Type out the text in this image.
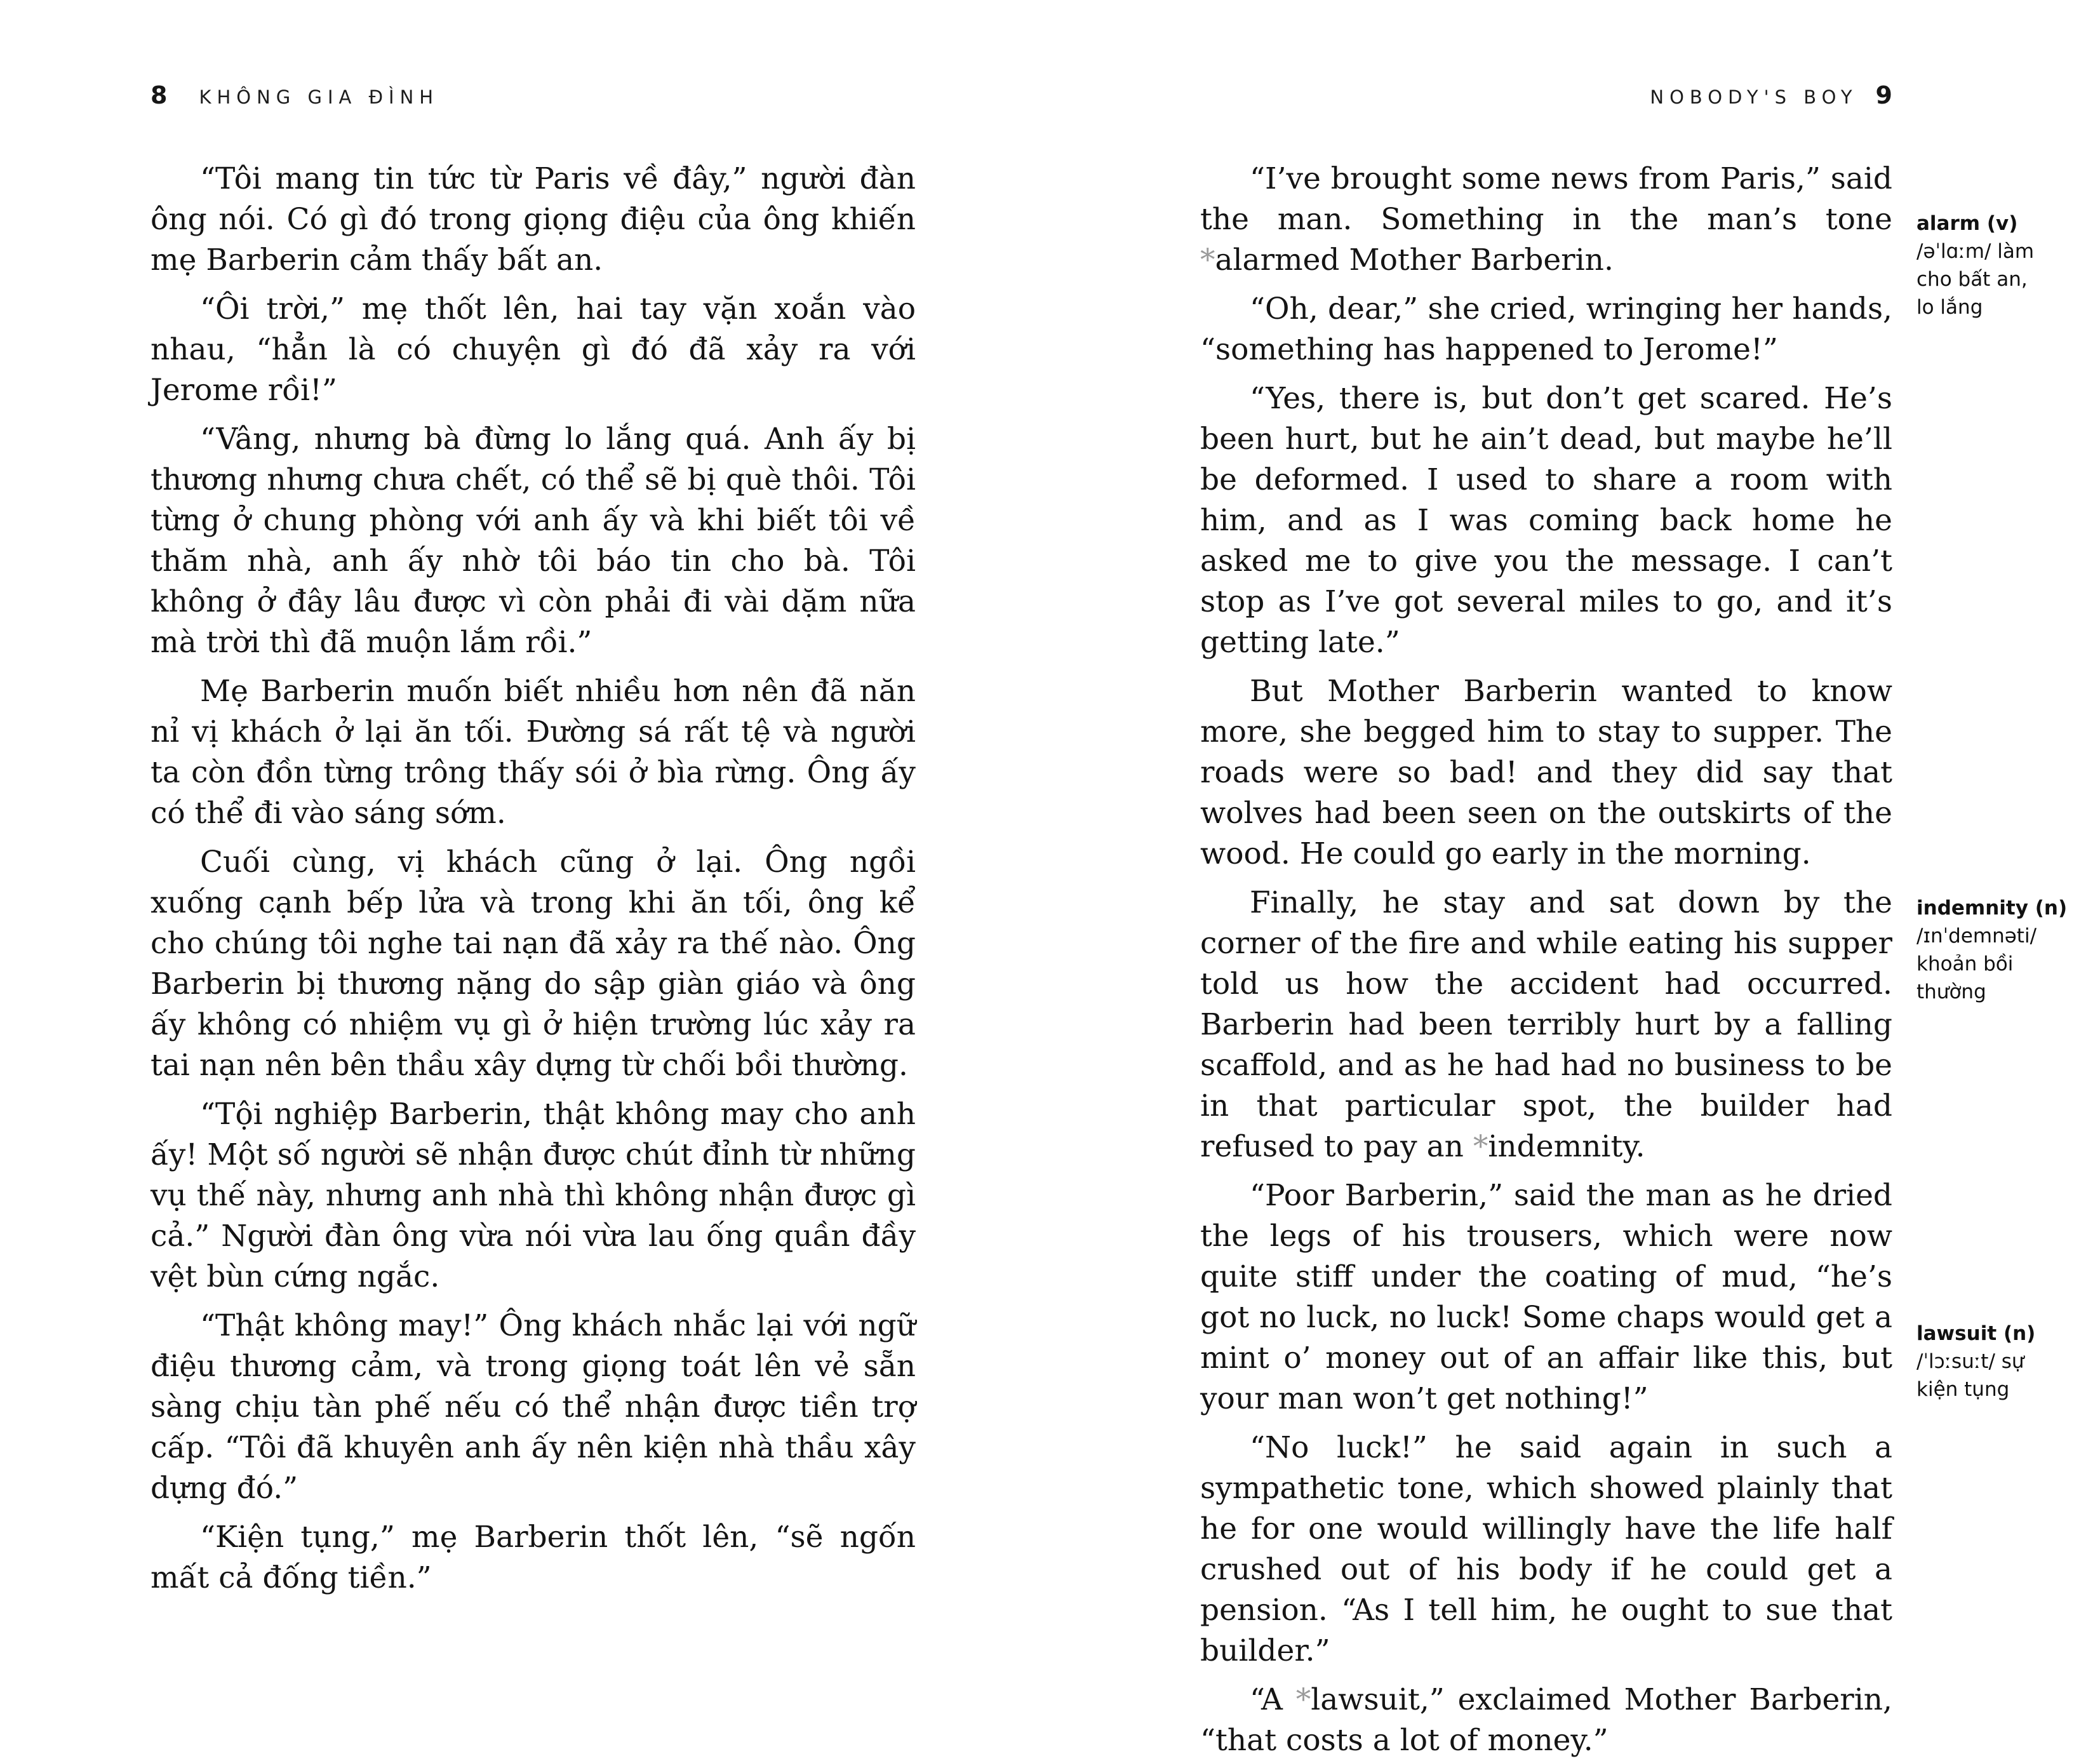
8 KHÔNG GIA ĐÌNH	NOBODY'S BOY 9

“Tôi mang tin tức từ Paris về đây,” người đàn ông nói. Có gì đó trong giọng điệu của ông khiến mẹ Barberin cảm thấy bất an.

“Ôi trời,” mẹ thốt lên, hai tay vặn xoắn vào nhau, “hẳn là có chuyện gì đó đã xảy ra với Jerome rồi!”

“Vâng, nhưng bà đừng lo lắng quá. Anh ấy bị thương nhưng chưa chết, có thể sẽ bị què thôi. Tôi từng ở chung phòng với anh ấy và khi biết tôi về thăm nhà, anh ấy nhờ tôi báo tin cho bà. Tôi không ở đây lâu được vì còn phải đi vài dặm nữa mà trời thì đã muộn lắm rồi.”

Mẹ Barberin muốn biết nhiều hơn nên đã năn nỉ vị khách ở lại ăn tối. Đường sá rất tệ và người ta còn đồn từng trông thấy sói ở bìa rừng. Ông ấy có thể đi vào sáng sớm.

Cuối cùng, vị khách cũng ở lại. Ông ngồi xuống cạnh bếp lửa và trong khi ăn tối, ông kể cho chúng tôi nghe tai nạn đã xảy ra thế nào. Ông Barberin bị thương nặng do sập giàn giáo và ông ấy không có nhiệm vụ gì ở hiện trường lúc xảy ra tai nạn nên bên thầu xây dựng từ chối bồi thường.

“Tội nghiệp Barberin, thật không may cho anh ấy! Một số người sẽ nhận được chút đỉnh từ những vụ thế này, nhưng anh nhà thì không nhận được gì cả.” Người đàn ông vừa nói vừa lau ống quần đầy vệt bùn cứng ngắc.

“Thật không may!” Ông khách nhắc lại với ngữ điệu thương cảm, và trong giọng toát lên vẻ sẵn sàng chịu tàn phế nếu có thể nhận được tiền trợ cấp. “Tôi đã khuyên anh ấy nên kiện nhà thầu xây dựng đó.”

“Kiện tụng,” mẹ Barberin thốt lên, “sẽ ngốn mất cả đống tiền.”

“I’ve brought some news from Paris,” said the man. Something in the man’s tone *alarmed Mother Barberin.

“Oh, dear,” she cried, wringing her hands, “something has happened to Jerome!”

“Yes, there is, but don’t get scared. He’s been hurt, but he ain’t dead, but maybe he’ll be deformed. I used to share a room with him, and as I was coming back home he asked me to give you the message. I can’t stop as I’ve got several miles to go, and it’s getting late.”

But Mother Barberin wanted to know more, she begged him to stay to supper. The roads were so bad! and they did say that wolves had been seen on the outskirts of the wood. He could go early in the morning.

Finally, he stay and sat down by the corner of the fire and while eating his supper told us how the accident had occurred. Barberin had been terribly hurt by a falling scaffold, and as he had had no business to be in that particular spot, the builder had refused to pay an *indemnity.

“Poor Barberin,” said the man as he dried the legs of his trousers, which were now quite stiff under the coating of mud, “he’s got no luck, no luck! Some chaps would get a mint o’ money out of an affair like this, but your man won’t get nothing!”

“No luck!” he said again in such a sympathetic tone, which showed plainly that he for one would willingly have the life half crushed out of his body if he could get a pension. “As I tell him, he ought to sue that builder.”

“A *lawsuit,” exclaimed Mother Barberin, “that costs a lot of money.”

alarm (v)
/əˈlɑːm/ làm
cho bất an,
lo lắng
indemnity (n)
/ɪnˈdemnəti/
khoản bồi
thường
lawsuit (n)
/ˈlɔːsuːt/ sự
kiện tụng
